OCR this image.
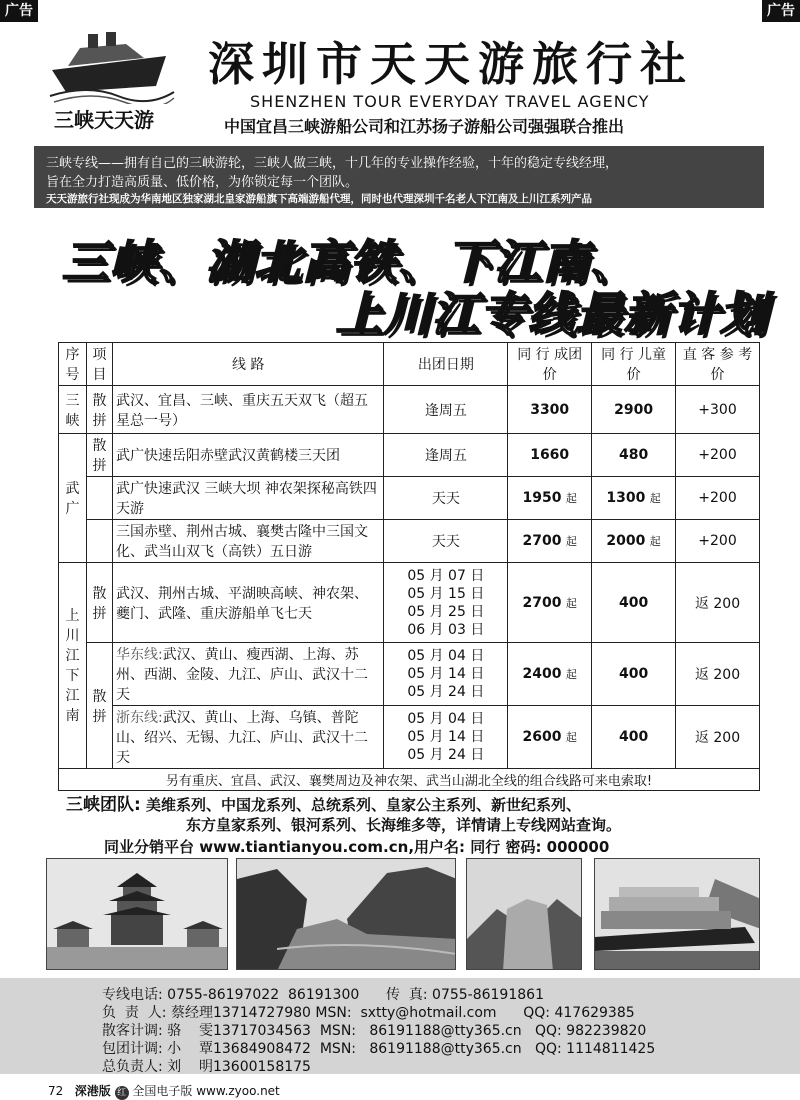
广告	广告
三峡天天游
深圳市天天游旅行社
SHENZHEN TOUR EVERYDAY TRAVEL AGENCY
中国宜昌三峡游船公司和江苏扬子游船公司强强联合推出
三峡专线——拥有自己的三峡游轮，三峡人做三峡，十几年的专业操作经验，十年的稳定专线经理，
旨在全力打造高质量、低价格，为你锁定每一个团队。
天天游旅行社现成为华南地区独家湖北皇家游船旗下高端游船代理，同时也代理深圳千名老人下江南及上川江系列产品
三峡、湖北高铁、下江南、
上川江专线最新计划
序号	项目	线 路	出团日期	同 行 成团价	同 行 儿童价	直 客 参 考 价
三峡	散拼	武汉、宜昌、三峡、重庆五天双飞（超五星总一号）	逢周五	3300	2900	+300
武广	散拼	武广快速岳阳赤壁武汉黄鹤楼三天团	逢周五	1660	480	+200
		武广快速武汉 三峡大坝 神农架探秘高铁四天游	天天	1950 起	1300 起	+200
		三国赤壁、荆州古城、襄樊古隆中三国文化、武当山双飞（高铁）五日游	天天	2700 起	2000 起	+200
上川江下江南	散拼	武汉、荆州古城、平湖映高峡、神农架、夔门、武隆、重庆游船单飞七天	05 月 07 日
05 月 15 日
05 月 25 日
06 月 03 日	2700 起	400	返 200
	散拼	华东线:武汉、黄山、瘦西湖、上海、苏州、西湖、金陵、九江、庐山、武汉十二天	05 月 04 日
05 月 14 日
05 月 24 日	2400 起	400	返 200
		浙东线:武汉、黄山、上海、乌镇、普陀山、绍兴、无锡、九江、庐山、武汉十二天	05 月 04 日
05 月 14 日
05 月 24 日	2600 起	400	返 200
另有重庆、宜昌、武汉、襄樊周边及神农架、武当山湖北全线的组合线路可来电索取!						
三峡团队: 美维系列、中国龙系列、总统系列、皇家公主系列、新世纪系列、
东方皇家系列、银河系列、长海维多等，详情请上专线网站查询。
同业分销平台 www.tiantianyou.com.cn,用户名: 同行 密码: 000000
专线电话: 0755-86197022  86191300      传  真: 0755-86191861
负  责  人: 蔡经理13714727980 MSN:  sxtty@hotmail.com      QQ: 417629385
散客计调: 骆    雯13717034563  MSN:   86191188@tty365.cn   QQ: 982239820
包团计调: 小    覃13684908472  MSN:   86191188@tty365.cn   QQ: 1114811425
总负责人: 刘    明13600158175
72 深港版 红 全国电子版 www.zyoo.net
